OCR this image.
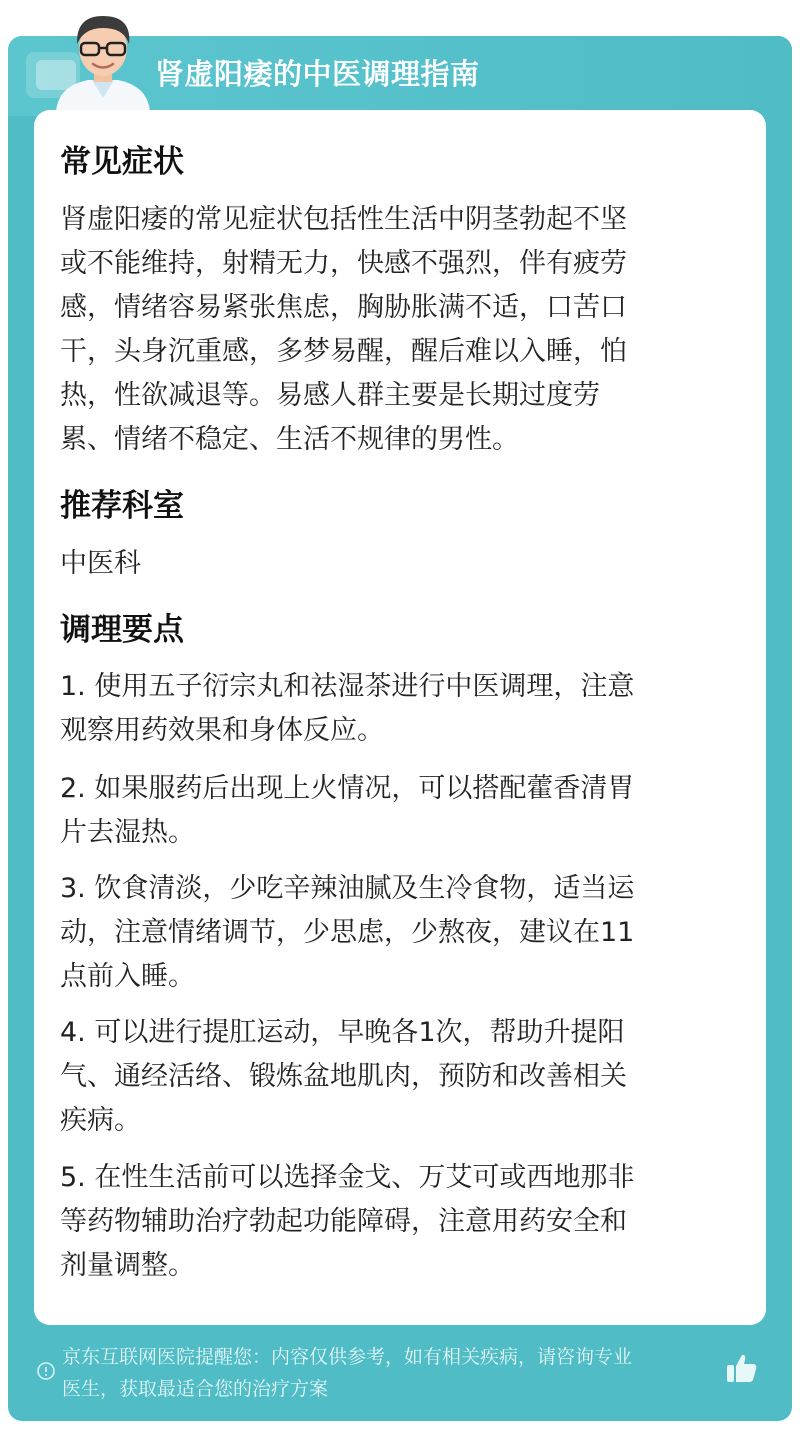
肾虚阳痿的中医调理指南
常见症状
肾虚阳痿的常见症状包括性生活中阴茎勃起不坚
或不能维持，射精无力，快感不强烈，伴有疲劳
感，情绪容易紧张焦虑，胸胁胀满不适，口苦口
干，头身沉重感，多梦易醒，醒后难以入睡，怕
热，性欲减退等。易感人群主要是长期过度劳
累、情绪不稳定、生活不规律的男性。
推荐科室
中医科
调理要点
1. 使用五子衍宗丸和祛湿茶进行中医调理，注意
观察用药效果和身体反应。
2. 如果服药后出现上火情况，可以搭配藿香清胃
片去湿热。
3. 饮食清淡，少吃辛辣油腻及生冷食物，适当运
动，注意情绪调节，少思虑，少熬夜，建议在11
点前入睡。
4. 可以进行提肛运动，早晚各1次，帮助升提阳
气、通经活络、锻炼盆地肌肉，预防和改善相关
疾病。
5. 在性生活前可以选择金戈、万艾可或西地那非
等药物辅助治疗勃起功能障碍，注意用药安全和
剂量调整。
京东互联网医院提醒您：内容仅供参考，如有相关疾病，请咨询专业
医生，获取最适合您的治疗方案
